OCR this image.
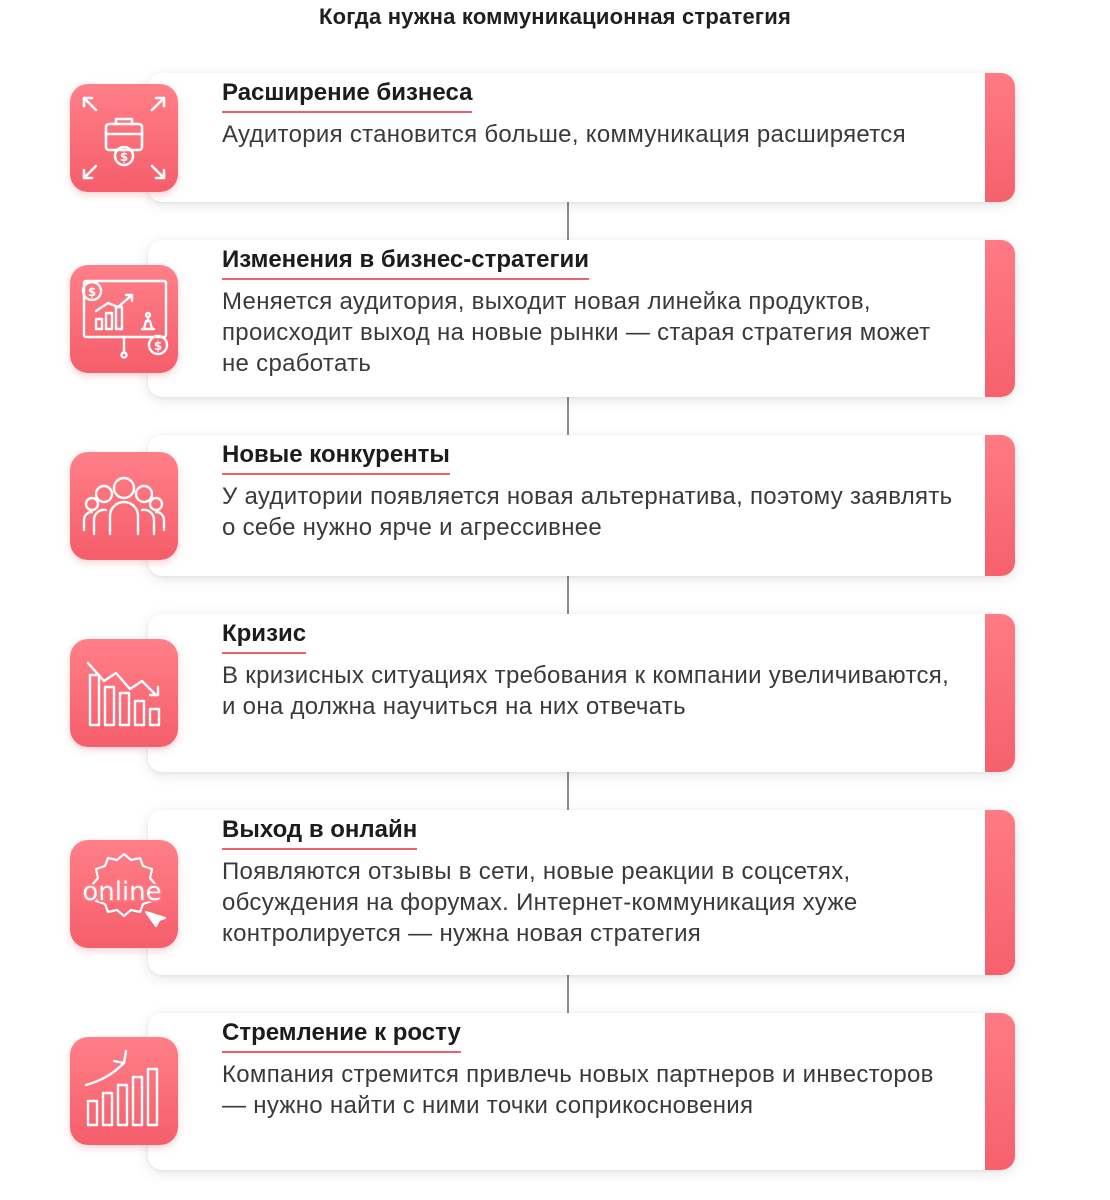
Когда нужна коммуникационная стратегия
Расширение бизнеса
Аудитория становится больше, коммуникация расширяется
$
Изменения в бизнес-стратегии
Меняется аудитория, выходит новая линейка продуктов, происходит выход на новые рынки — старая стратегия может не сработать
$
$
Новые конкуренты
У аудитории появляется новая альтернатива, поэтому заявлять о себе нужно ярче и агрессивнее
Кризис
В кризисных ситуациях требования к компании увеличиваются, и она должна научиться на них отвечать
Выход в онлайн
Появляются отзывы в сети, новые реакции в соцсетях, обсуждения на форумах. Интернет-коммуникация хуже контролируется — нужна новая стратегия
online
Стремление к росту
Компания стремится привлечь новых партнеров и инвесторов — нужно найти с ними точки соприкосновения
